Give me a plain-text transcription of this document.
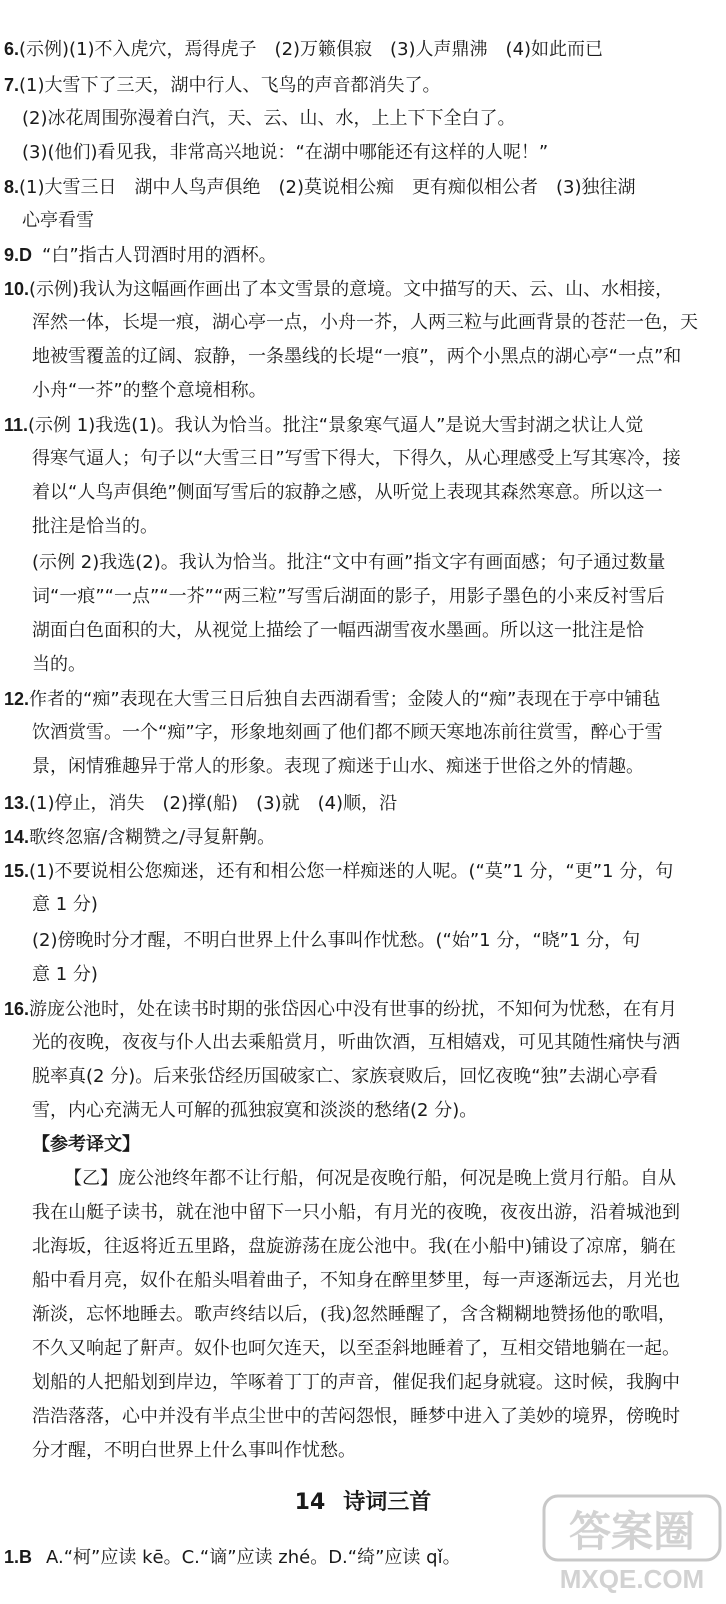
6.(示例)(1)不入虎穴，焉得虎子　(2)万籁俱寂　(3)人声鼎沸　(4)如此而已
7.(1)大雪下了三天，湖中行人、飞鸟的声音都消失了。
(2)冰花周围弥漫着白汽，天、云、山、水，上上下下全白了。
(3)(他们)看见我，非常高兴地说：“在湖中哪能还有这样的人呢！”
8.(1)大雪三日　湖中人鸟声俱绝　(2)莫说相公痴　更有痴似相公者　(3)独往湖
心亭看雪
9.D “白”指古人罚酒时用的酒杯。
10.(示例)我认为这幅画作画出了本文雪景的意境。文中描写的天、云、山、水相接，
浑然一体，长堤一痕，湖心亭一点，小舟一芥，人两三粒与此画背景的苍茫一色，天
地被雪覆盖的辽阔、寂静，一条墨线的长堤“一痕”，两个小黑点的湖心亭“一点”和
小舟“一芥”的整个意境相称。
11.(示例 1)我选(1)。我认为恰当。批注“景象寒气逼人”是说大雪封湖之状让人觉
得寒气逼人；句子以“大雪三日”写雪下得大，下得久，从心理感受上写其寒冷，接
着以“人鸟声俱绝”侧面写雪后的寂静之感，从听觉上表现其森然寒意。所以这一
批注是恰当的。
(示例 2)我选(2)。我认为恰当。批注“文中有画”指文字有画面感；句子通过数量
词“一痕”“一点”“一芥”“两三粒”写雪后湖面的影子，用影子墨色的小来反衬雪后
湖面白色面积的大，从视觉上描绘了一幅西湖雪夜水墨画。所以这一批注是恰
当的。
12.作者的“痴”表现在大雪三日后独自去西湖看雪；金陵人的“痴”表现在于亭中铺毡
饮酒赏雪。一个“痴”字，形象地刻画了他们都不顾天寒地冻前往赏雪，醉心于雪
景，闲情雅趣异于常人的形象。表现了痴迷于山水、痴迷于世俗之外的情趣。
13.(1)停止，消失　(2)撑(船)　(3)就　(4)顺，沿
14.歌终忽寤/含糊赞之/寻复鼾齁。
15.(1)不要说相公您痴迷，还有和相公您一样痴迷的人呢。(“莫”1 分，“更”1 分，句
意 1 分)
(2)傍晚时分才醒，不明白世界上什么事叫作忧愁。(“始”1 分，“晓”1 分，句
意 1 分)
16.游庞公池时，处在读书时期的张岱因心中没有世事的纷扰，不知何为忧愁，在有月
光的夜晚，夜夜与仆人出去乘船赏月，听曲饮酒，互相嬉戏，可见其随性痛快与洒
脱率真(2 分)。后来张岱经历国破家亡、家族衰败后，回忆夜晚“独”去湖心亭看
雪，内心充满无人可解的孤独寂寞和淡淡的愁绪(2 分)。
【参考译文】
【乙】庞公池终年都不让行船，何况是夜晚行船，何况是晚上赏月行船。自从
我在山艇子读书，就在池中留下一只小船，有月光的夜晚，夜夜出游，沿着城池到
北海坂，往返将近五里路，盘旋游荡在庞公池中。我(在小船中)铺设了凉席，躺在
船中看月亮，奴仆在船头唱着曲子，不知身在醉里梦里，每一声逐渐远去，月光也
渐淡，忘怀地睡去。歌声终结以后，(我)忽然睡醒了，含含糊糊地赞扬他的歌唱，
不久又响起了鼾声。奴仆也呵欠连天，以至歪斜地睡着了，互相交错地躺在一起。
划船的人把船划到岸边，竿啄着丁丁的声音，催促我们起身就寝。这时候，我胸中
浩浩落落，心中并没有半点尘世中的苦闷怨恨，睡梦中进入了美妙的境界，傍晚时
分才醒，不明白世界上什么事叫作忧愁。
14 诗词三首
1.B A.“柯”应读 kē。C.“谪”应读 zhé。D.“绮”应读 qǐ。
答案圈
MXQE.COM
